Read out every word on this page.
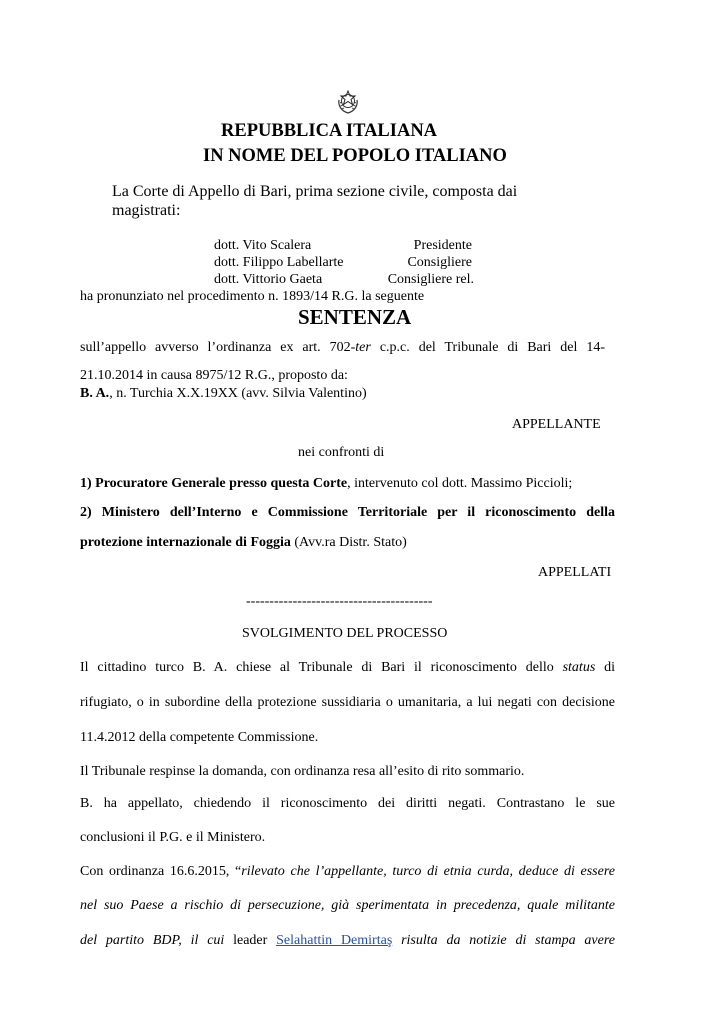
REPUBBLICA ITALIANA
IN NOME DEL POPOLO ITALIANO
La Corte di Appello di Bari, prima sezione civile, composta dai
magistrati:
dott. Vito Scalera	Presidente
dott. Filippo Labellarte	Consigliere
dott. Vittorio Gaeta	Consigliere rel.
ha pronunziato nel procedimento n. 1893/14 R.G. la seguente
SENTENZA
sull’appello avverso l’ordinanza ex art. 702-ter c.p.c. del Tribunale di Bari del 14-
21.10.2014 in causa 8975/12 R.G., proposto da:
B. A., n. Turchia X.X.19XX (avv. Silvia Valentino)
APPELLANTE
nei confronti di
1) Procuratore Generale presso questa Corte, intervenuto col dott. Massimo Piccioli;
2) Ministero dell’Interno e Commissione Territoriale per il riconoscimento della
protezione internazionale di Foggia (Avv.ra Distr. Stato)
APPELLATI
----------------------------------------
SVOLGIMENTO DEL PROCESSO
Il cittadino turco B. A. chiese al Tribunale di Bari il riconoscimento dello status di
rifugiato, o in subordine della protezione sussidiaria o umanitaria, a lui negati con decisione
11.4.2012 della competente Commissione.
Il Tribunale respinse la domanda, con ordinanza resa all’esito di rito sommario.
B. ha appellato, chiedendo il riconoscimento dei diritti negati. Contrastano le sue
conclusioni il P.G. e il Ministero.
Con ordinanza 16.6.2015, “rilevato che l’appellante, turco di etnia curda, deduce di essere
nel suo Paese a rischio di persecuzione, già sperimentata in precedenza, quale militante
del partito BDP, il cui leader Selahattin Demirtaş risulta da notizie di stampa avere
